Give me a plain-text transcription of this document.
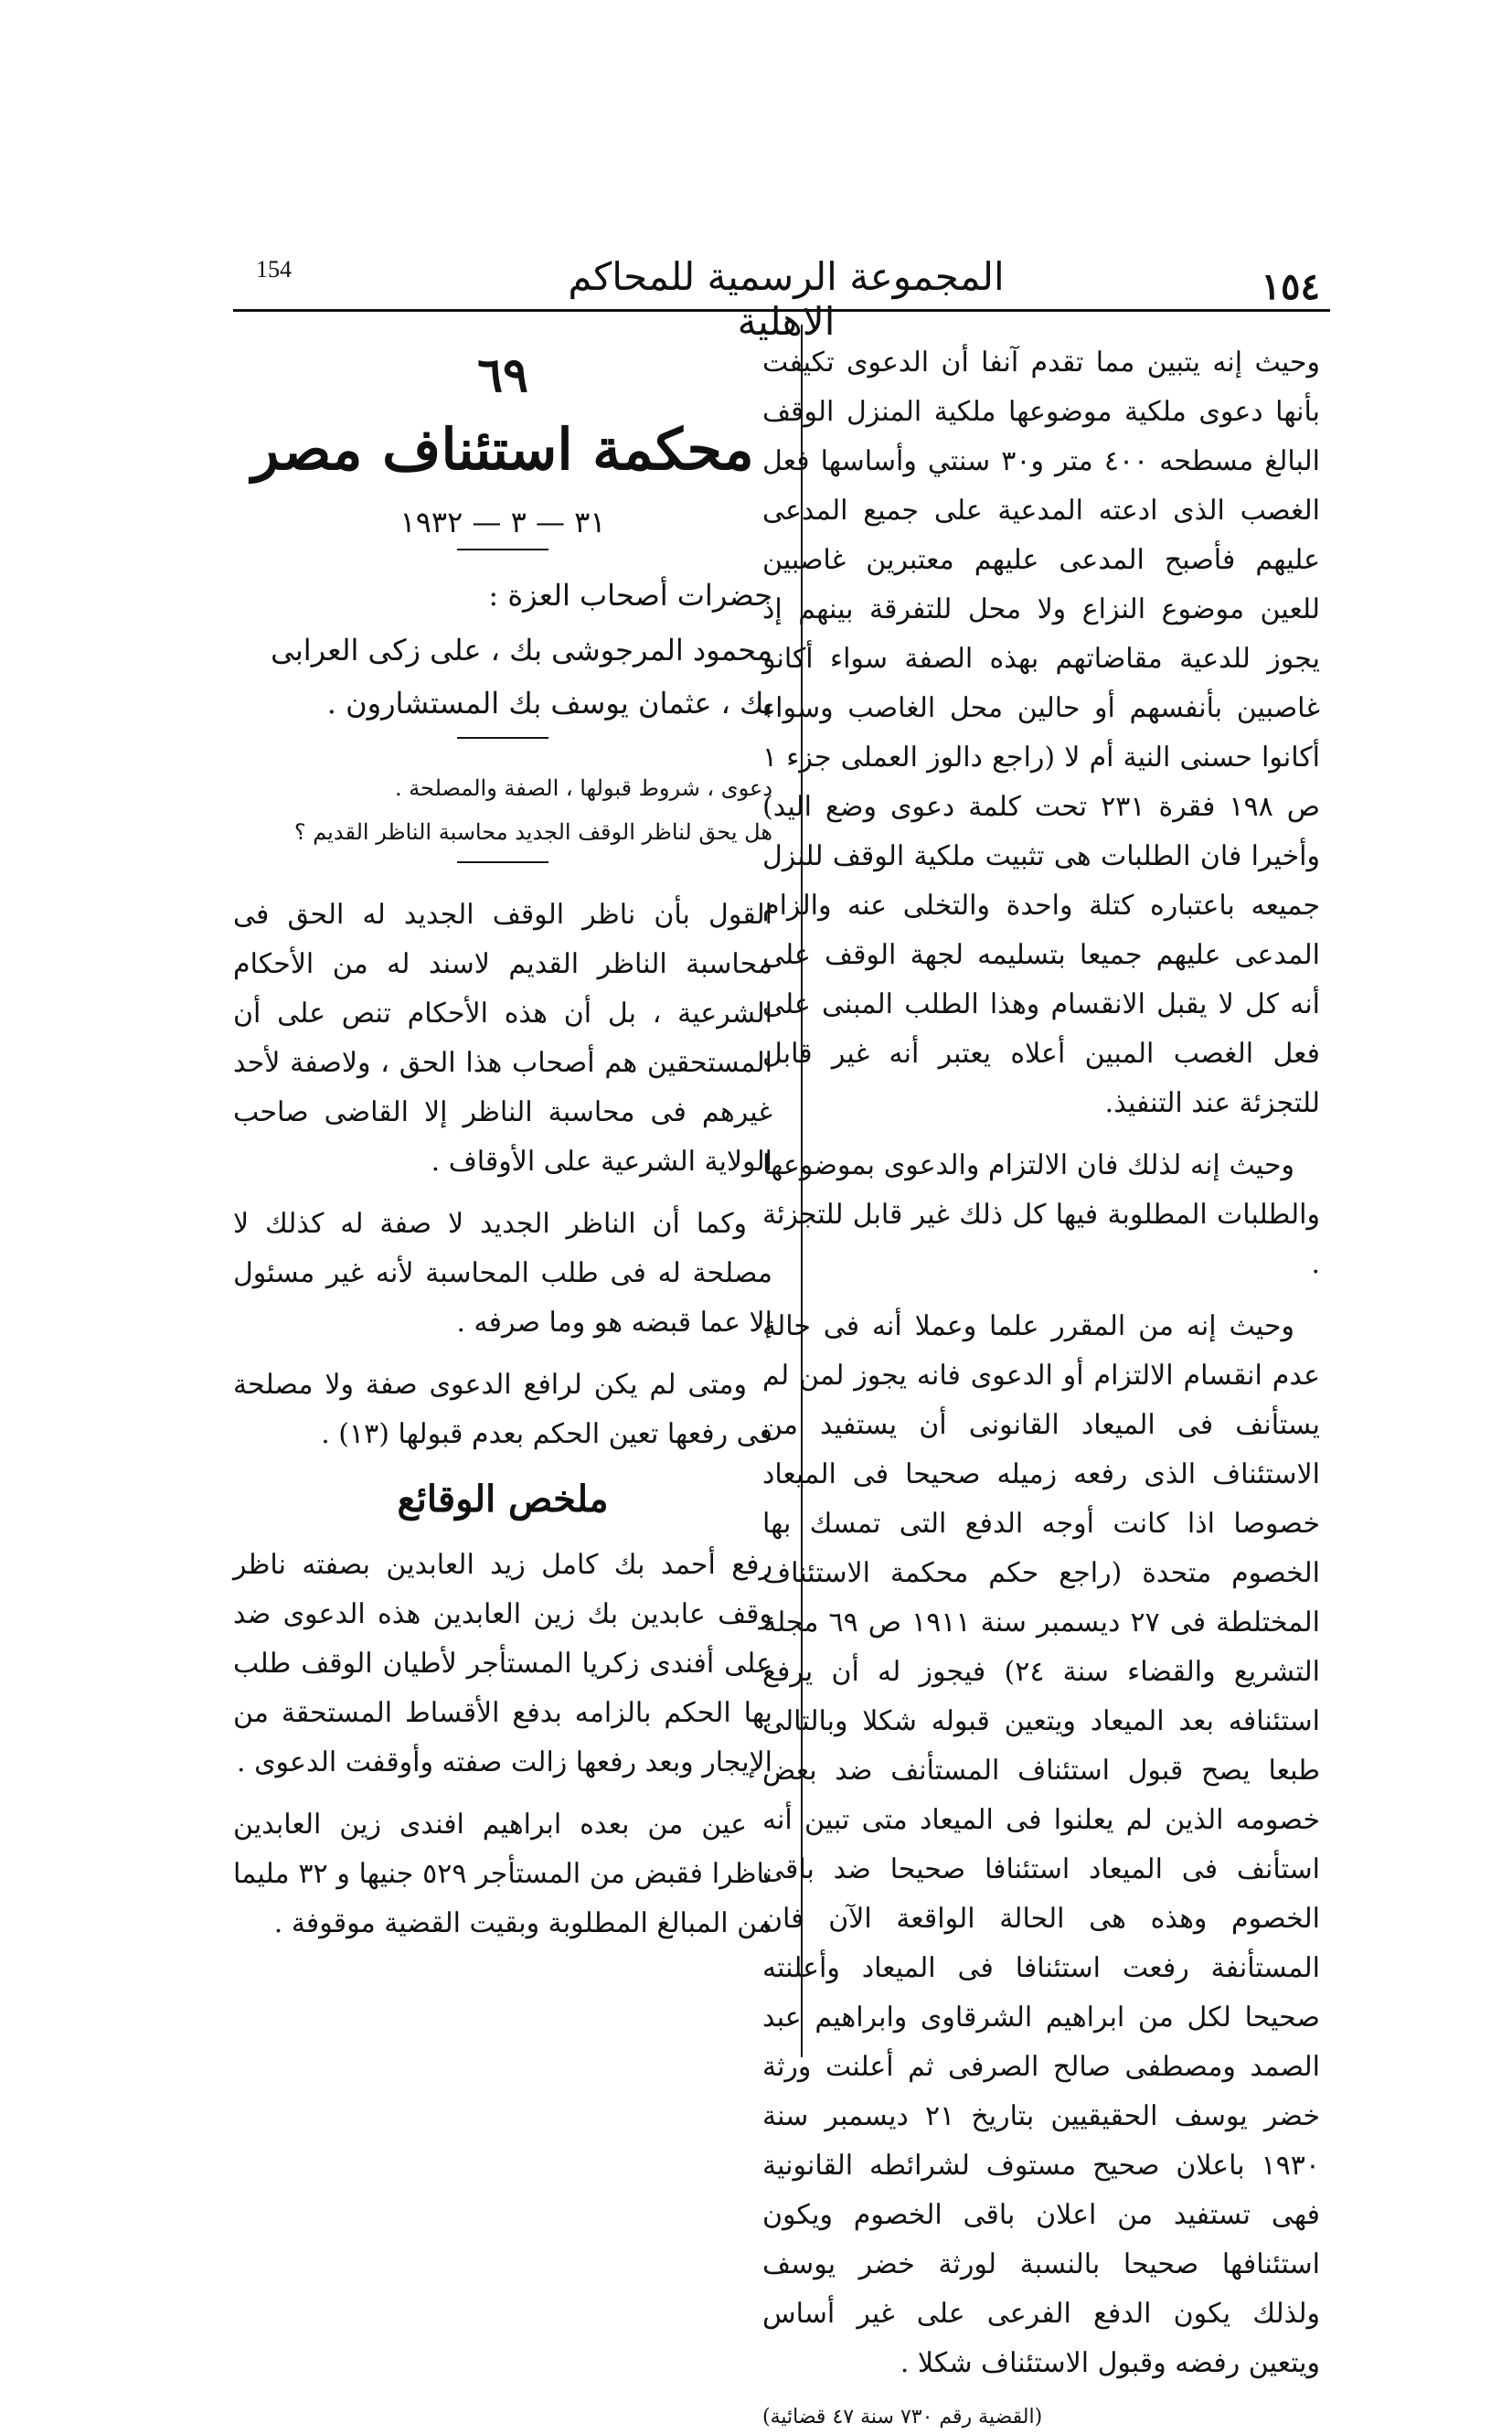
154	المجموعة الرسمية للمحاكم الاهلية
١٥٤

وحيث إنه يتبين مما تقدم آنفا أن الدعوى تكيفت بأنها دعوى ملكية موضوعها ملكية المنزل الوقف البالغ مسطحه ٤٠٠ متر و٣٠ سنتي وأساسها فعل الغصب الذى ادعته المدعية على جميع المدعى عليهم فأصبح المدعى عليهم معتبرين غاصبين للعين موضوع النزاع ولا محل للتفرقة بينهم إذ يجوز للدعية مقاضاتهم بهذه الصفة سواء أكانو غاصبين بأنفسهم أو حالين محل الغاصب وسواء أكانوا حسنى النية أم لا (راجع دالوز العملى جزء ١ ص ١٩٨ فقرة ٢٣١ تحت كلمة دعوى وضع اليد) وأخيرا فان الطلبات هى تثبيت ملكية الوقف للنزل جميعه باعتباره كتلة واحدة والتخلى عنه والزام المدعى عليهم جميعا بتسليمه لجهة الوقف على أنه كل لا يقبل الانقسام وهذا الطلب المبنى على فعل الغصب المبين أعلاه يعتبر أنه غير قابل للتجزئة عند التنفيذ.

وحيث إنه لذلك فان الالتزام والدعوى بموضوعها والطلبات المطلوبة فيها كل ذلك غير قابل للتجزئة .

وحيث إنه من المقرر علما وعملا أنه فى حالة عدم انقسام الالتزام أو الدعوى فانه يجوز لمن لم يستأنف فى الميعاد القانونى أن يستفيد من الاستئناف الذى رفعه زميله صحيحا فى الميعاد خصوصا اذا كانت أوجه الدفع التى تمسك بها الخصوم متحدة (راجع حكم محكمة الاستئناف المختلطة فى ٢٧ ديسمبر سنة ١٩١١ ص ٦٩ مجلة التشريع والقضاء سنة ٢٤) فيجوز له أن يرفع استئنافه بعد الميعاد ويتعين قبوله شكلا وبالتالى طبعا يصح قبول استئناف المستأنف ضد بعض خصومه الذين لم يعلنوا فى الميعاد متى تبين أنه استأنف فى الميعاد استئنافا صحيحا ضد باقى الخصوم وهذه هى الحالة الواقعة الآن فان المستأنفة رفعت استئنافا فى الميعاد وأعلنته صحيحا لكل من ابراهيم الشرقاوى وابراهيم عبد الصمد ومصطفى صالح الصرفى ثم أعلنت ورثة خضر يوسف الحقيقيين بتاريخ ٢١ ديسمبر سنة ١٩٣٠ باعلان صحيح مستوف لشرائطه القانونية فهى تستفيد من اعلان باقى الخصوم ويكون استئنافها صحيحا بالنسبة لورثة خضر يوسف ولذلك يكون الدفع الفرعى على غير أساس ويتعين رفضه وقبول الاستئناف شكلا .

(القضية رقم ٧٣٠ سنة ٤٧ قضائية)
٦٩
محكمة استئناف مصر
٣١ — ٣ — ١٩٣٢
حضرات أصحاب العزة :

محمود المرجوشى بك ، على زكى العرابى بك ، عثمان يوسف بك المستشارون .

دعوى ، شروط قبولها ، الصفة والمصلحة .

هل يحق لناظر الوقف الجديد محاسبة الناظر القديم ؟

القول بأن ناظر الوقف الجديد له الحق فى محاسبة الناظر القديم لاسند له من الأحكام الشرعية ، بل أن هذه الأحكام تنص على أن المستحقين هم أصحاب هذا الحق ، ولاصفة لأحد غيرهم فى محاسبة الناظر إلا القاضى صاحب الولاية الشرعية على الأوقاف .

وكما أن الناظر الجديد لا صفة له كذلك لا مصلحة له فى طلب المحاسبة لأنه غير مسئول إلا عما قبضه هو وما صرفه .

ومتى لم يكن لرافع الدعوى صفة ولا مصلحة فى رفعها تعين الحكم بعدم قبولها (١٣) .

ملخص الوقائع

رفع أحمد بك كامل زيد العابدين بصفته ناظر وقف عابدين بك زين العابدين هذه الدعوى ضد على أفندى زكريا المستأجر لأطيان الوقف طلب بها الحكم بالزامه بدفع الأقساط المستحقة من الإيجار وبعد رفعها زالت صفته وأوقفت الدعوى .

عين من بعده ابراهيم افندى زين العابدين ناظرا فقبض من المستأجر ٥٢٩ جنيها و ٣٢ مليما من المبالغ المطلوبة وبقيت القضية موقوفة .
